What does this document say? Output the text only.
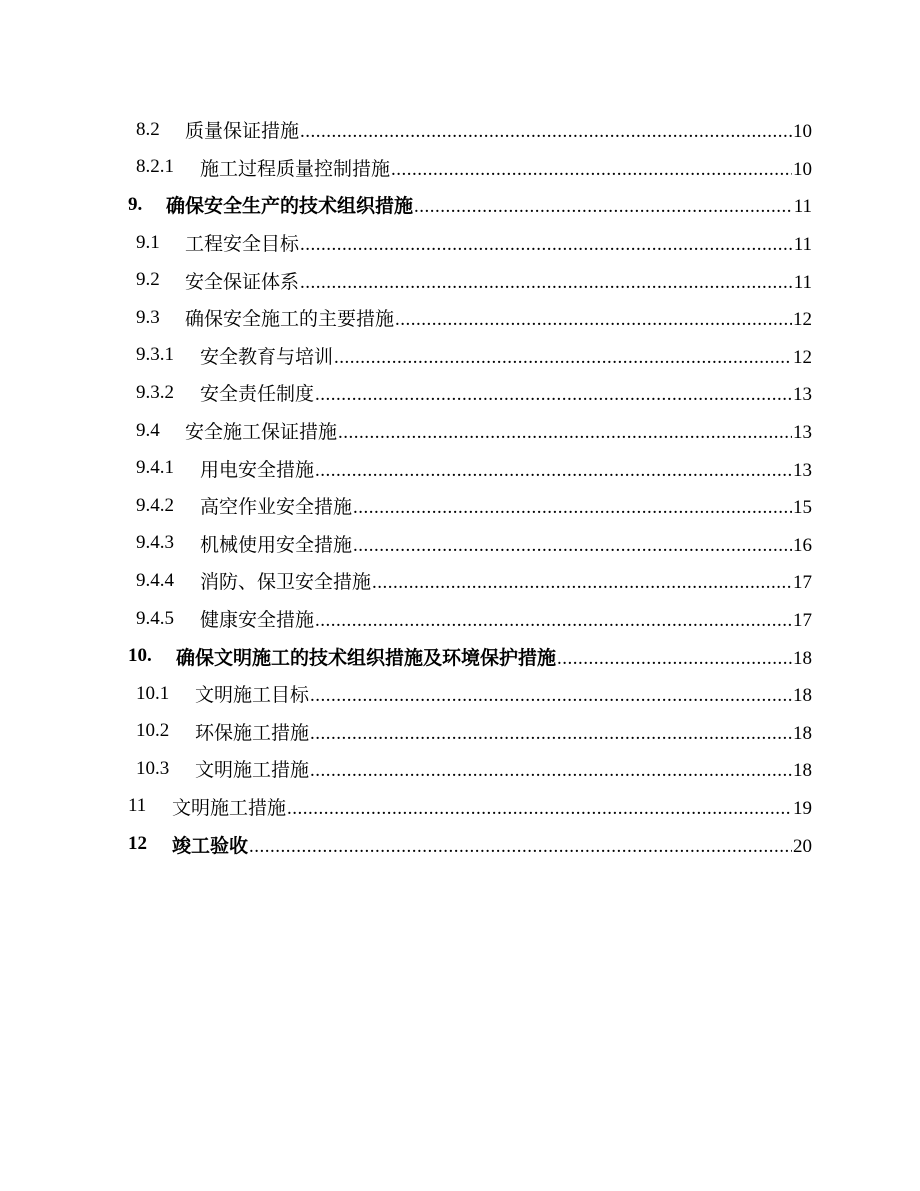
8.2 质量保证措施 .....	10
8.2.1 施工过程质量控制措施 .....	10
9. 确保安全生产的技术组织措施 .....	11
9.1 工程安全目标 .....	11
9.2 安全保证体系 .....	11
9.3 确保安全施工的主要措施 .....	12
9.3.1 安全教育与培训 .....	12
9.3.2 安全责任制度 .....	13
9.4 安全施工保证措施 .....	13
9.4.1 用电安全措施 .....	13
9.4.2 高空作业安全措施 .....	15
9.4.3 机械使用安全措施 .....	16
9.4.4 消防、保卫安全措施 .....	17
9.4.5 健康安全措施 .....	17
10. 确保文明施工的技术组织措施及环境保护措施 .....	18
10.1 文明施工目标 .....	18
10.2 环保施工措施 .....	18
10.3 文明施工措施 .....	18
11 文明施工措施 .....	19
12 竣工验收 .....	20
